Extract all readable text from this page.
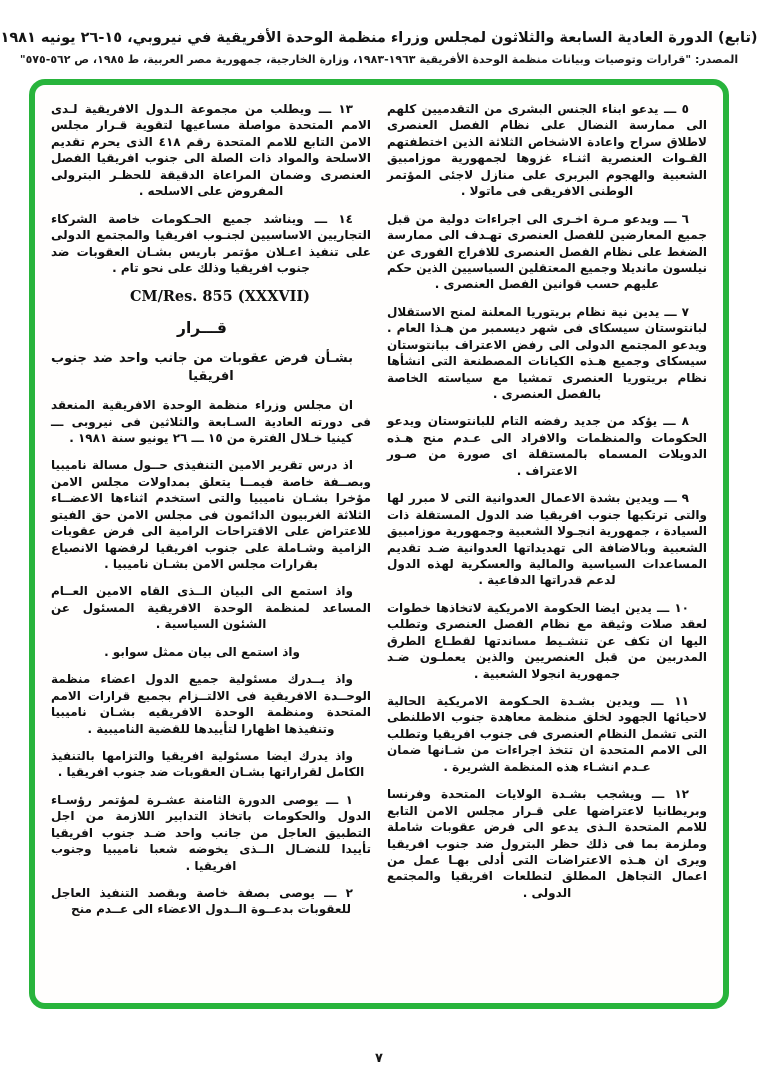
(تابع) الدورة العادية السابعة والثلاثون لمجلس وزراء منظمة الوحدة الأفريقية في نيروبي، ١٥-٢٦ يونيه ١٩٨١
المصدر: "قرارات وتوصيات وبيانات منظمة الوحدة الأفريقية ١٩٦٣-١٩٨٣، وزارة الخارجية، جمهورية مصر العربية، ط ١٩٨٥، ص ٥٦٢-٥٧٥"

٥ ـــ يدعو ابناء الجنس البشرى من التقدميين كلهم الى ممارسة النضال على نظام الفصل العنصرى لاطلاق سراح واعادة الاشخاص الثلاثة الذين اختطفتهم القـوات العنصرية اثنـاء غزوها لجمهورية موزامبيق الشعبية والهجوم البربرى على منازل لاجئى المؤتمر الوطنى الافريقى فى ماتولا .

٦ ـــ ويدعو مـرة اخـرى الى اجراءات دولية من قبل جميع المعارضين للفصل العنصرى تهـدف الى ممارسة الضغط على نظام الفصل العنصرى للافراج الفورى عن نيلسون مانديلا وجميع المعتقلين السياسيين الذين حكم عليهم حسب قوانين الفصل العنصرى .

٧ ـــ يدين نية نظام بريتوريا المعلنة لمنح الاستقلال لبانتوستان سيسكاى فى شهر ديسمبر من هـذا العام . ويدعو المجتمع الدولى الى رفض الاعتراف ببانتوستان سيسكاى وجميع هـذه الكيانات المصطنعة التى انشأها نظام بريتوريا العنصرى تمشيا مع سياسته الخاصة بالفصل العنصرى .

٨ ـــ يؤكد من جديد رفضه التام للبانتوستان ويدعو الحكومات والمنظمات والافراد الى عـدم منح هـذه الدويلات المسماه بالمستقلة اى صورة من صـور الاعتراف .

٩ ـــ ويدين بشدة الاعمال العدوانية التى لا مبرر لها والتى ترتكبها جنوب افريقيا ضد الدول المستقلة ذات السيادة ، جمهورية انجـولا الشعبية وجمهورية موزامبيق الشعبية وبالاضافة الى تهديداتها العدوانية ضـد تقديم المساعدات السياسية والمالية والعسكرية لهذه الدول لدعم قدراتها الدفاعية .

١٠ ـــ يدين ايضا الحكومة الامريكية لاتخاذها خطوات لعقد صلات وثيقة مع نظام الفصل العنصرى وتطلب اليها ان تكف عن تنشـيط مساندتها لقطـاع الطرق المدربين من قبل العنصريين والذين يعملـون ضـد جمهورية انجولا الشعبية .

١١ ـــ ويدين بشـدة الحـكومة الامريكية الحالية لاحيائها الجهود لخلق منظمة معاهدة جنوب الاطلنطى التى تشمل النظام العنصرى فى جنوب افريقيا وتطلب الى الامم المتحدة ان تتخذ اجراءات من شـانها ضمان عـدم انشـاء هذه المنظمة الشريرة .

١٢ ـــ ويشجب بشـدة الولايات المتحدة وفرنسا وبريطانيا لاعتراضها على قـرار مجلس الامن التابع للامم المتحدة الـذى يدعو الى فرض عقوبات شاملة وملزمة بما فى ذلك حظر البترول ضد جنوب افريقيا ويرى ان هـذه الاعتراضات التى أدلى بهـا عمل من اعمال التجاهل المطلق لتطلعات افريقيا والمجتمع الدولى .

١٣ ـــ ويطلب من مجموعة الـدول الافريقية لـدى الامم المتحدة مواصلة مساعيها لتقوية قـرار مجلس الامن التابع للامم المتحدة رقم ٤١٨ الذى يحرم تقديم الاسلحة والمواد ذات الصلة الى جنوب افريقيا الفصل العنصرى وضمان المراعاة الدقيقة للحظـر البترولى المفروض على الاسلحه .

١٤ ـــ ويناشد جميع الحـكومات خاصة الشركاء التجاريين الاساسيين لجنـوب افريقيا والمجتمع الدولى على تنفيذ اعـلان مؤتمر باريس بشـان العقوبات ضد جنوب افريقيا وذلك على نحو تام .

CM/Res. 855 (XXXVII)

قـــرار

بشـأن فرض عقوبات من جانب واحد ضد جنوب افريقيا

ان مجلس وزراء منظمة الوحدة الافريقية المنعقد فى دورته العادية السـابعة والثلاثين فى نيروبى ـــ كينيا خـلال الفترة من ١٥ ـــ ٢٦ يونيو سنة ١٩٨١ .

اذ درس تقرير الامين التنفيذى حــول مسالة ناميبيا وبصــفة خاصة فيمــا يتعلق بمداولات مجلس الامن مؤخرا بشـان ناميبيا والتى استخدم اثناءها الاعضــاء الثلاثة الغربيون الدائمون فى مجلس الامن حق الفيتو للاعتراض على الاقتراحات الرامية الى فرض عقوبات الزامية وشـاملة على جنوب افريقيا لرفضها الانصياع بقرارات مجلس الامن بشـان ناميبيا .

واذ استمع الى البيان الــذى القاه الامين العــام المساعد لمنظمة الوحدة الافريقية المسئول عن الشئون السياسية .

واذ استمع الى بيان ممثل سوابو .

واذ يــدرك مسئولية جميع الدول اعضاء منظمة الوحــدة الافريقية فى الالتــزام بجميع قرارات الامم المتحدة ومنظمة الوحدة الافريقيه بشـان ناميبيا وتنفيذها اظهارا لتأييدها للقضية الناميبية .

واذ يدرك ايضا مسئولية افريقيا والتزامها بالتنفيذ الكامل لقراراتها بشـان العقوبات ضد جنوب افريقيا .

١ ـــ يوصى الدورة الثامنة عشـرة لمؤتمر رؤسـاء الدول والحكومات باتخاذ التدابير اللازمة من اجل التطبيق العاجل من جانب واحد ضـد جنوب افريقيا تأييدا للنضـال الــذى يخوضه شعبا ناميبيا وجنوب افريقيا .

٢ ـــ يوصى بصفة خاصة وبقصد التنفيذ العاجل للعقوبات بدعــوة الــدول الاعضاء الى عــدم منح

٧
